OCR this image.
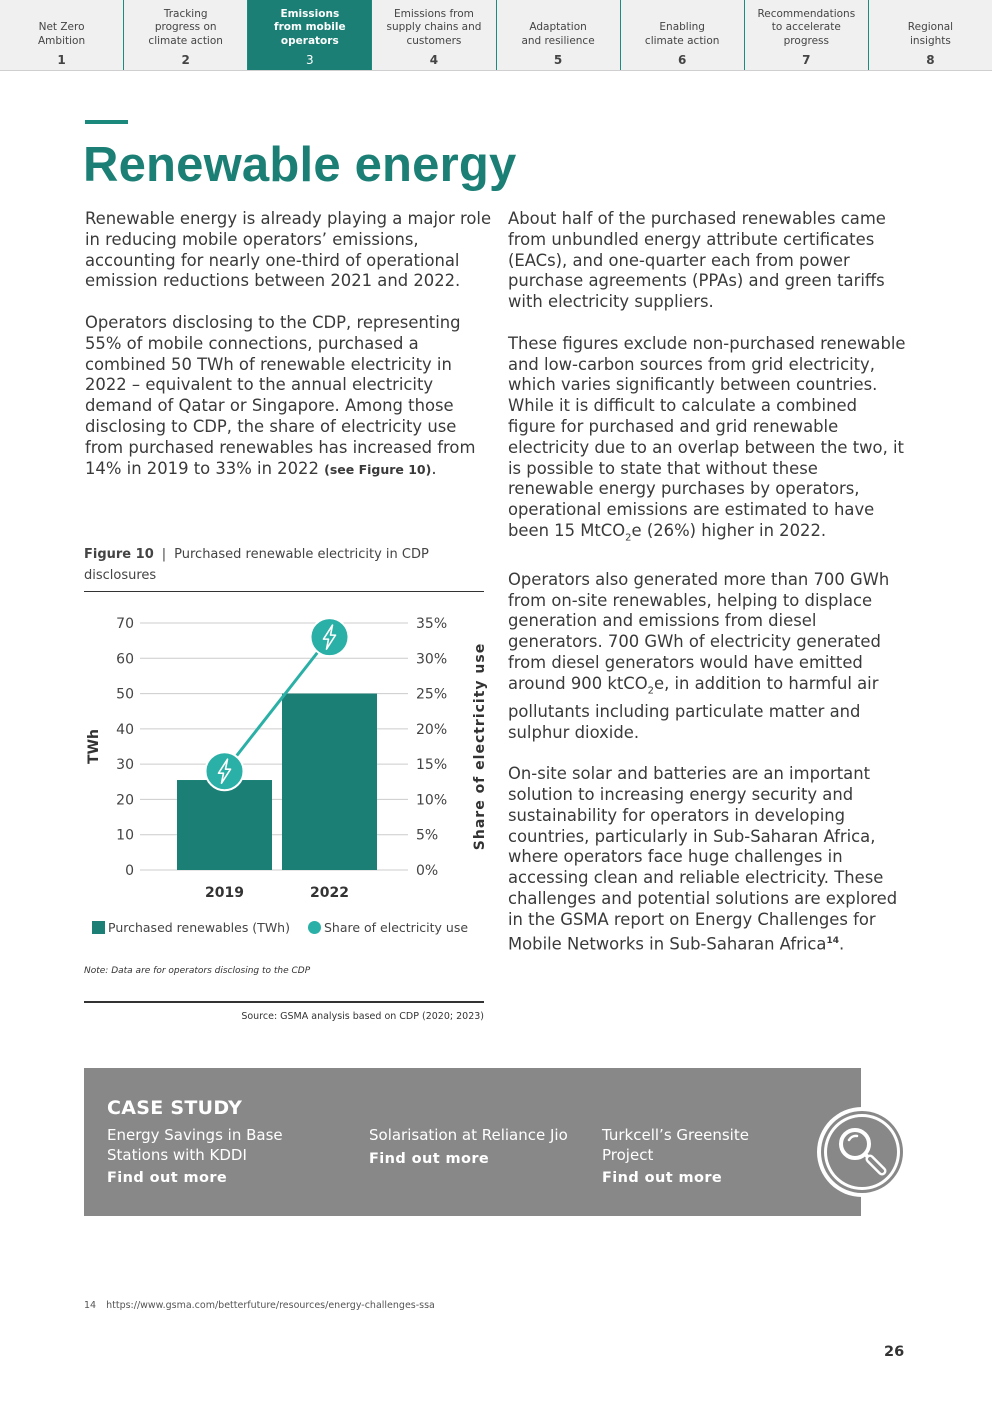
Net Zero
Ambition
1
Tracking
progress on
climate action
2
Emissions
from mobile
operators
3
Emissions from
supply chains and
customers
4
Adaptation
and resilience
5
Enabling
climate action
6
Recommendations
to accelerate
progress
7
Regional
insights
8
Renewable energy

Renewable energy is already playing a major role in reducing mobile operators’ emissions, accounting for nearly one-third of operational emission reductions between 2021 and 2022.

Operators disclosing to the CDP, representing 55% of mobile connections, purchased a combined 50 TWh of renewable electricity in 2022 – equivalent to the annual electricity demand of Qatar or Singapore. Among those disclosing to CDP, the share of electricity use from purchased renewables has increased from 14% in 2019 to 33% in 2022 (see Figure 10).

About half of the purchased renewables came from unbundled energy attribute certificates (EACs), and one-quarter each from power purchase agreements (PPAs) and green tariffs with electricity suppliers.

These figures exclude non-purchased renewable and low-carbon sources from grid electricity, which varies significantly between countries. While it is difficult to calculate a combined figure for purchased and grid renewable electricity due to an overlap between the two, it is possible to state that without these renewable energy purchases by operators, operational emissions are estimated to have been 15 MtCO$_2$e (26%) higher in 2022.

Operators also generated more than 700 GWh from on-site renewables, helping to displace generation and emissions from diesel generators. 700 GWh of electricity generated from diesel generators would have emitted around 900 ktCO$_2$e, in addition to harmful air pollutants including particulate matter and sulphur dioxide.

On-site solar and batteries are an important solution to increasing energy security and sustainability for operators in developing countries, particularly in Sub-Saharan Africa, where operators face huge challenges in accessing clean and reliable electricity. These challenges and potential solutions are explored in the GSMA report on Energy Challenges for Mobile Networks in Sub-Saharan Africa$^{14}$.

Figure 10 | Purchased renewable electricity in CDP disclosures
0
10
20
30
40
50
60
70
0%
5%
10%
15%
20%
25%
30%
35%
2019	2022
TWh	Share of electricity use
Purchased renewables (TWh)	Share of electricity use
Note: Data are for operators disclosing to the CDP
Source: GSMA analysis based on CDP (2020; 2023)
CASE STUDY
Energy Savings in Base Stations with KDDI
Find out more
Solarisation at Reliance Jio
Find out more
Turkcell’s Greensite Project
Find out more
14 https://www.gsma.com/betterfuture/resources/energy-challenges-ssa
26
